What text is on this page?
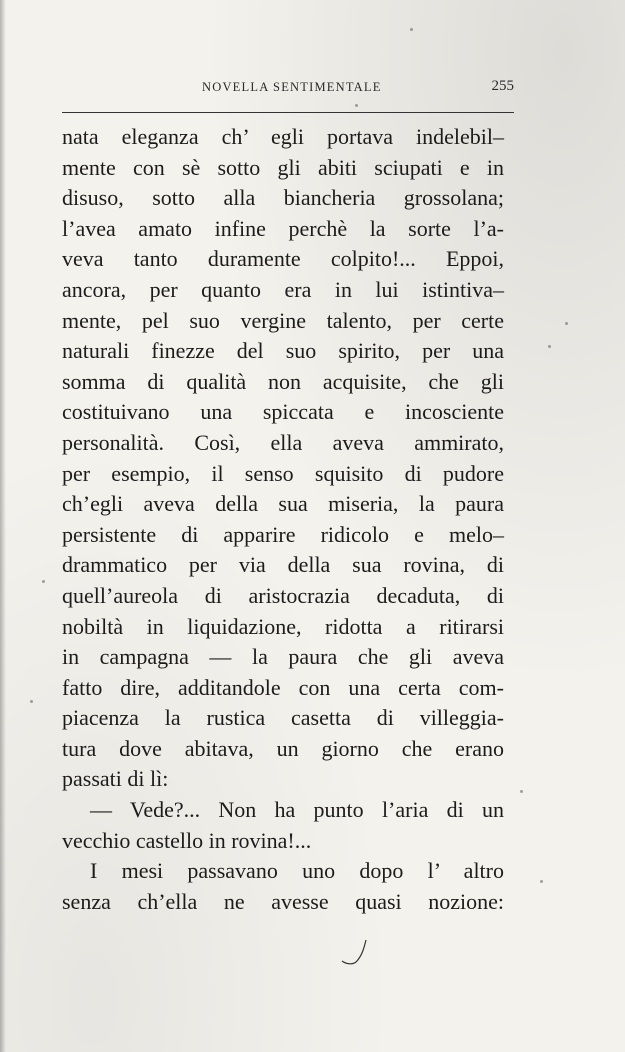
NOVELLA SENTIMENTALE	255
nata eleganza ch’ egli portava indelebil–
mente con sè sotto gli abiti sciupati e in
disuso, sotto alla biancheria grossolana;
l’avea amato infine perchè la sorte l’a-
veva tanto duramente colpito!... Eppoi,
ancora, per quanto era in lui istintiva–
mente, pel suo vergine talento, per certe
naturali finezze del suo spirito, per una
somma di qualità non acquisite, che gli
costituivano una spiccata e incosciente
personalità. Così, ella aveva ammirato,
per esempio, il senso squisito di pudore
ch’egli aveva della sua miseria, la paura
persistente di apparire ridicolo e melo–
drammatico per via della sua rovina, di
quell’aureola di aristocrazia decaduta, di
nobiltà in liquidazione, ridotta a ritirarsi
in campagna — la paura che gli aveva
fatto dire, additandole con una certa com-
piacenza la rustica casetta di villeggia-
tura dove abitava, un giorno che erano
passati di lì:
— Vede?... Non ha punto l’aria di un
vecchio castello in rovina!...
I mesi passavano uno dopo l’ altro
senza ch’ella ne avesse quasi nozione:
